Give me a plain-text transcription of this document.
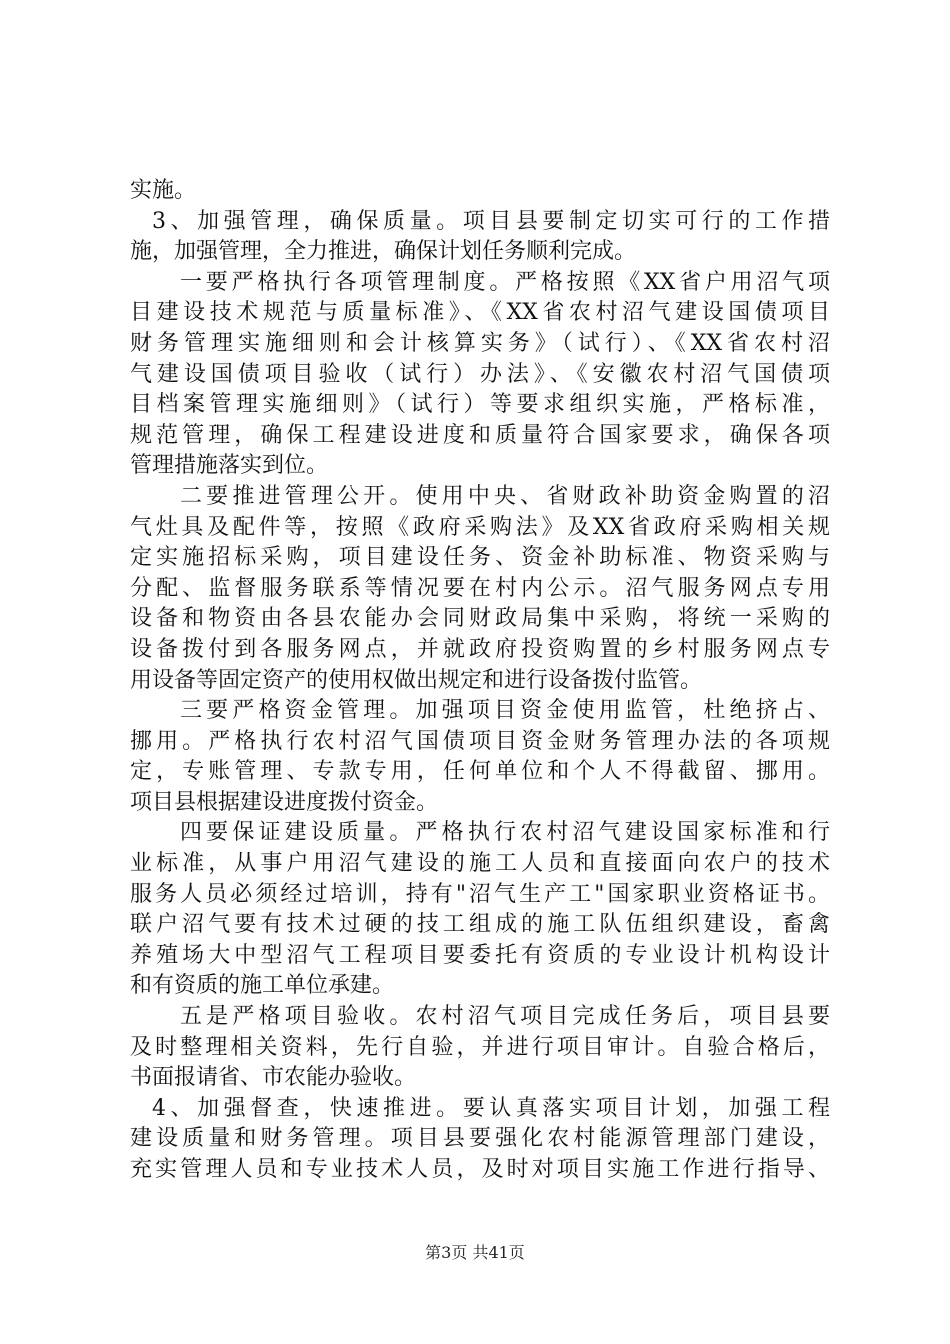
实施。
3、加强管理，确保质量。项目县要制定切实可行的工作措
施，加强管理，全力推进，确保计划任务顺利完成。
一要严格执行各项管理制度。严格按照《XX省户用沼气项
目建设技术规范与质量标准》、《XX省农村沼气建设国债项目
财务管理实施细则和会计核算实务》（试行）、《XX省农村沼
气建设国债项目验收（试行）办法》、《安徽农村沼气国债项
目档案管理实施细则》（试行）等要求组织实施，严格标准，
规范管理，确保工程建设进度和质量符合国家要求，确保各项
管理措施落实到位。
二要推进管理公开。使用中央、省财政补助资金购置的沼
气灶具及配件等，按照《政府采购法》及XX省政府采购相关规
定实施招标采购，项目建设任务、资金补助标准、物资采购与
分配、监督服务联系等情况要在村内公示。沼气服务网点专用
设备和物资由各县农能办会同财政局集中采购，将统一采购的
设备拨付到各服务网点，并就政府投资购置的乡村服务网点专
用设备等固定资产的使用权做出规定和进行设备拨付监管。
三要严格资金管理。加强项目资金使用监管，杜绝挤占、
挪用。严格执行农村沼气国债项目资金财务管理办法的各项规
定，专账管理、专款专用，任何单位和个人不得截留、挪用。
项目县根据建设进度拨付资金。
四要保证建设质量。严格执行农村沼气建设国家标准和行
业标准，从事户用沼气建设的施工人员和直接面向农户的技术
服务人员必须经过培训，持有"沼气生产工"国家职业资格证书。
联户沼气要有技术过硬的技工组成的施工队伍组织建设，畜禽
养殖场大中型沼气工程项目要委托有资质的专业设计机构设计
和有资质的施工单位承建。
五是严格项目验收。农村沼气项目完成任务后，项目县要
及时整理相关资料，先行自验，并进行项目审计。自验合格后，
书面报请省、市农能办验收。
4、加强督查，快速推进。要认真落实项目计划，加强工程
建设质量和财务管理。项目县要强化农村能源管理部门建设，
充实管理人员和专业技术人员，及时对项目实施工作进行指导、
第3页 共41页
